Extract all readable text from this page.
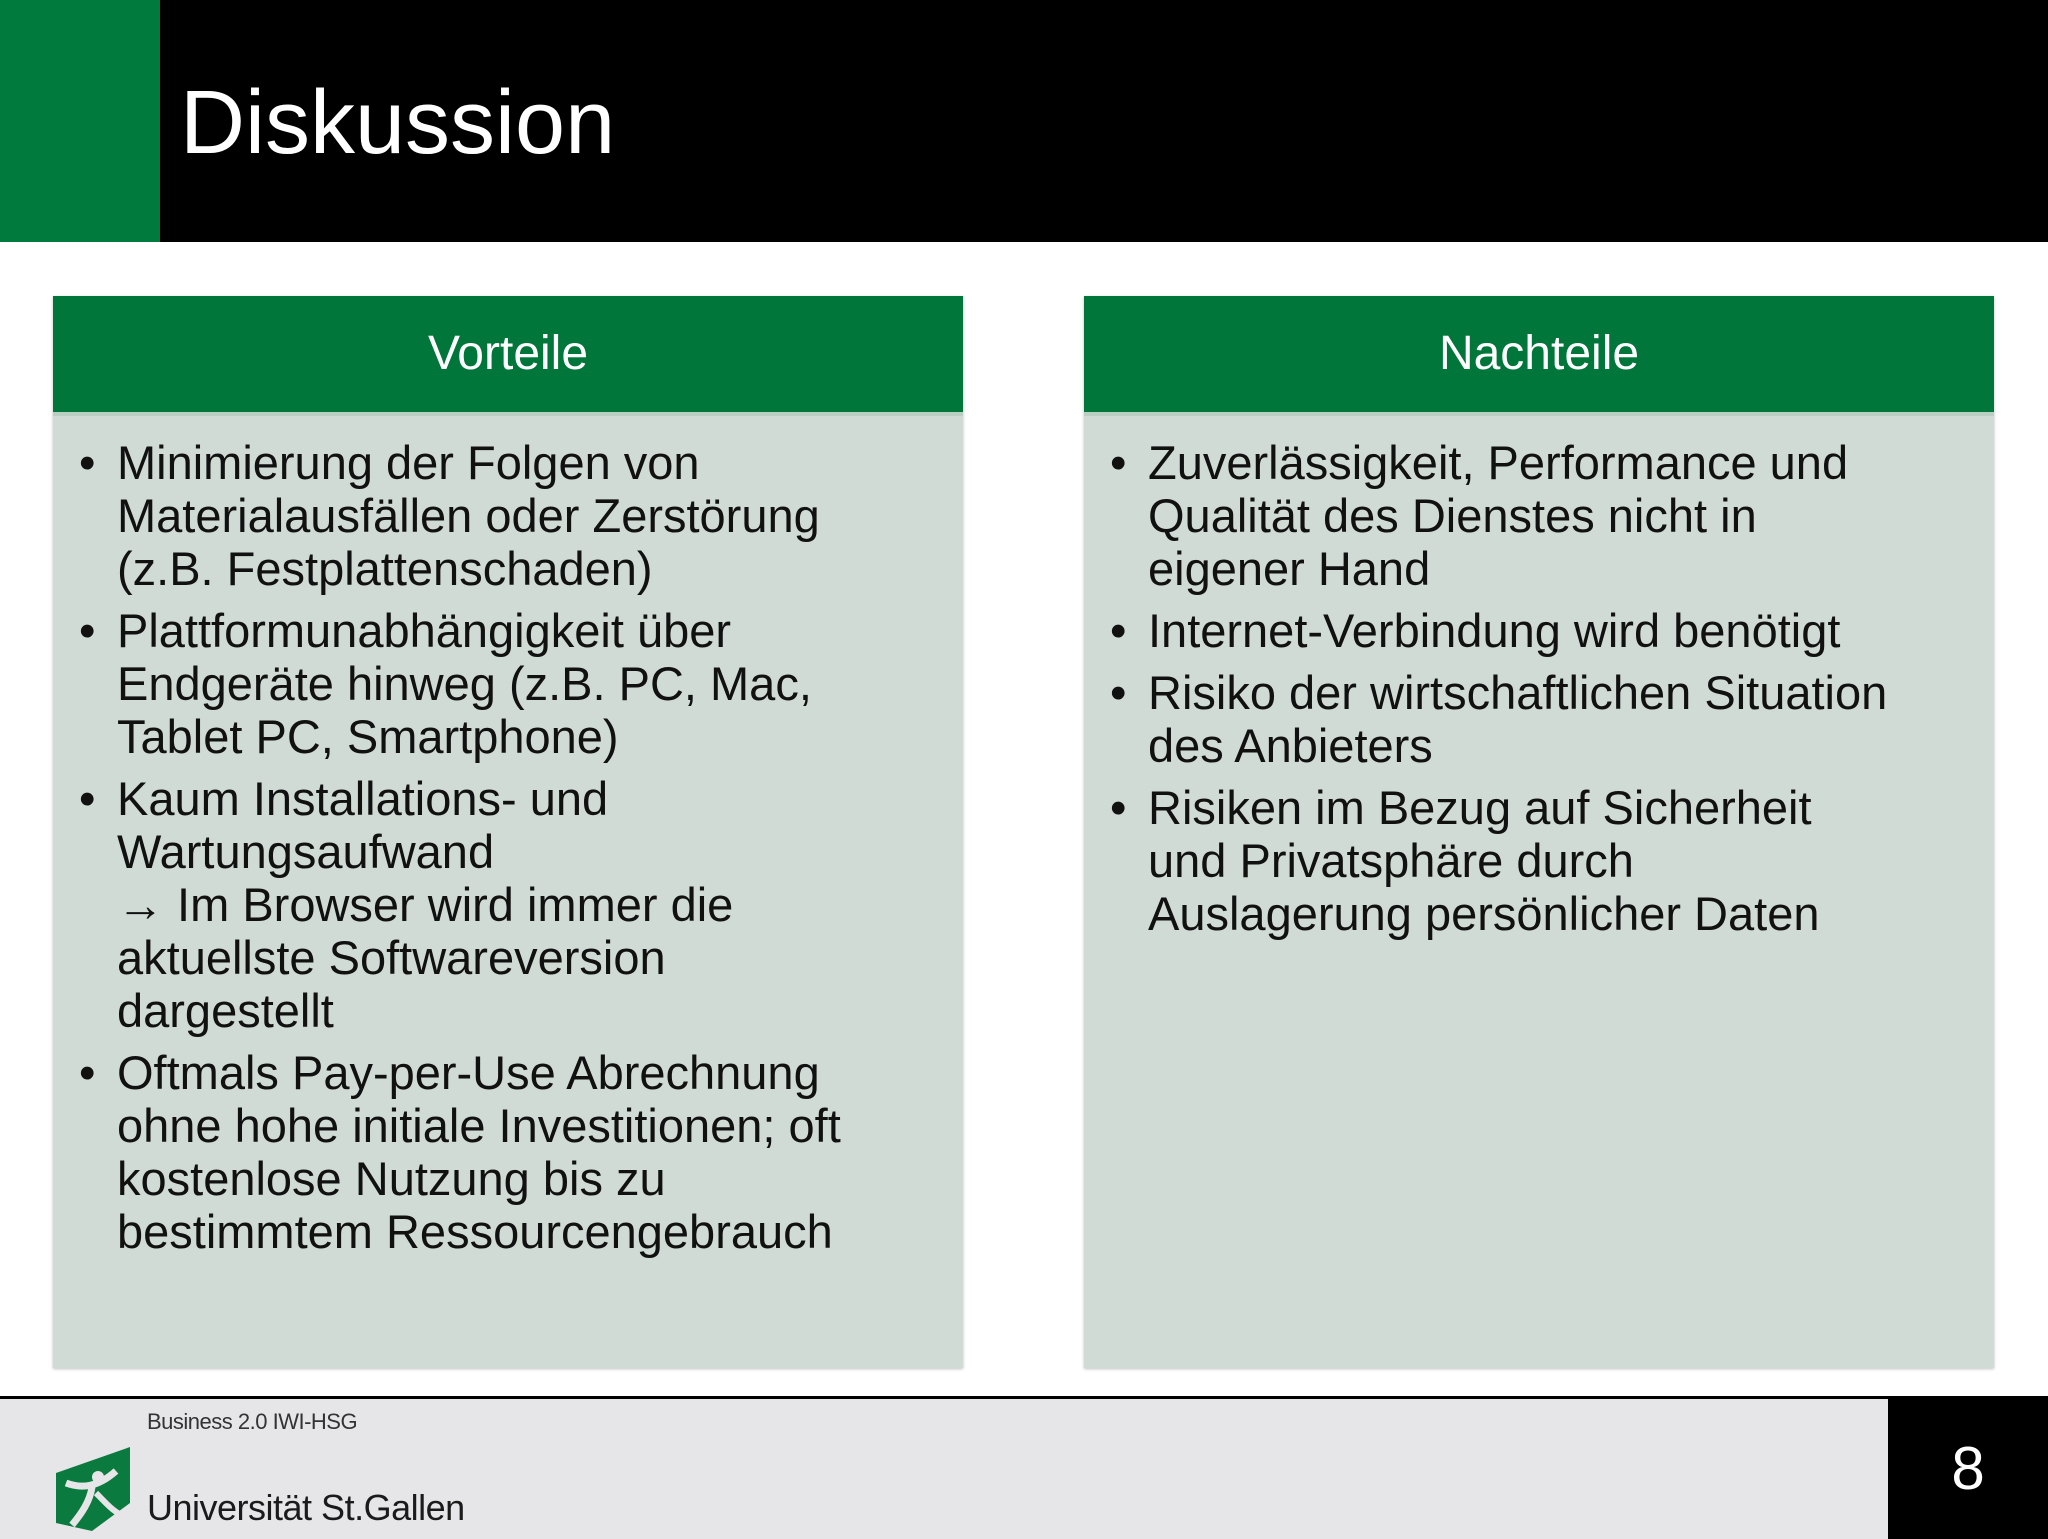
Diskussion
Vorteile
• Minimierung der Folgen von
Materialausfällen oder Zerstörung
(z.B. Festplattenschaden)
• Plattformunabhängigkeit über
Endgeräte hinweg (z.B. PC, Mac,
Tablet PC, Smartphone)
• Kaum Installations- und
Wartungsaufwand
→ Im Browser wird immer die
aktuellste Softwareversion
dargestellt
• Oftmals Pay-per-Use Abrechnung
ohne hohe initiale Investitionen; oft
kostenlose Nutzung bis zu
bestimmtem Ressourcengebrauch
Nachteile
• Zuverlässigkeit, Performance und
Qualität des Dienstes nicht in
eigener Hand
• Internet-Verbindung wird benötigt
• Risiko der wirtschaftlichen Situation
des Anbieters
• Risiken im Bezug auf Sicherheit
und Privatsphäre durch
Auslagerung persönlicher Daten
Business 2.0 IWI-HSG
Universität St.Gallen
8
